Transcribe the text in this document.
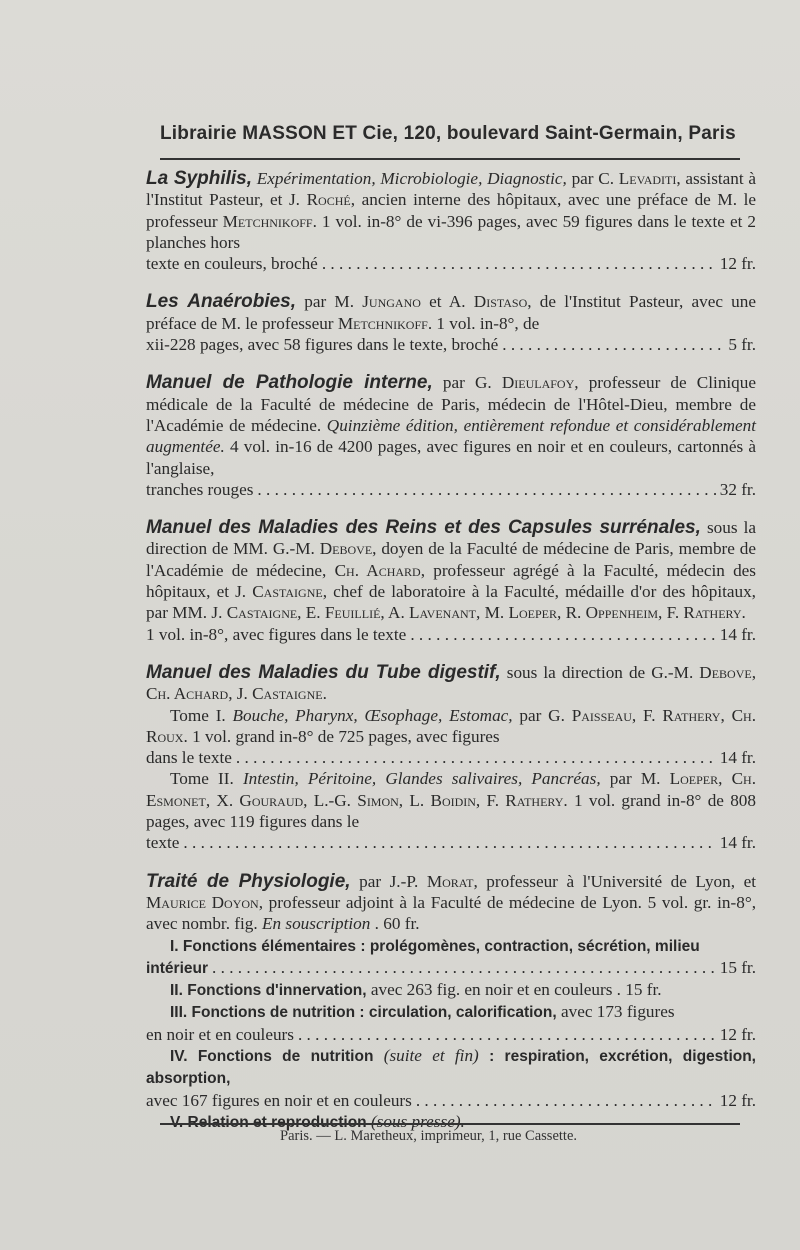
Librairie MASSON ET Cie, 120, boulevard Saint-Germain, Paris
La Syphilis, Expérimentation, Microbiologie, Diagnostic, par C. Levaditi, assistant à l'Institut Pasteur, et J. Roché, ancien interne des hôpitaux, avec une préface de M. le professeur Metchnikoff. 1 vol. in-8° de vi-396 pages, avec 59 figures dans le texte et 2 planches hors
texte en couleurs, broché . . .	12 fr.
Les Anaérobies, par M. Jungano et A. Distaso, de l'Institut Pasteur, avec une préface de M. le professeur Metchnikoff. 1 vol. in-8°, de
xii-228 pages, avec 58 figures dans le texte, broché . . .	5 fr.
Manuel de Pathologie interne, par G. Dieulafoy, professeur de Clinique médicale de la Faculté de médecine de Paris, médecin de l'Hôtel-Dieu, membre de l'Académie de médecine. Quinzième édition, entièrement refondue et considérablement augmentée. 4 vol. in-16 de 4200 pages, avec figures en noir et en couleurs, cartonnés à l'anglaise,
tranches rouges . . .	32 fr.
Manuel des Maladies des Reins et des Capsules surrénales, sous la direction de MM. G.-M. Debove, doyen de la Faculté de médecine de Paris, membre de l'Académie de médecine, Ch. Achard, professeur agrégé à la Faculté, médecin des hôpitaux, et J. Castaigne, chef de laboratoire à la Faculté, médaille d'or des hôpitaux, par MM. J. Castaigne, E. Feuillié, A. Lavenant, M. Loeper, R. Oppenheim, F. Rathery.
1 vol. in-8°, avec figures dans le texte . . .	14 fr.
Manuel des Maladies du Tube digestif, sous la direction de G.-M. Debove, Ch. Achard, J. Castaigne.
Tome I. Bouche, Pharynx, Œsophage, Estomac, par G. Paisseau, F. Rathery, Ch. Roux. 1 vol. grand in-8° de 725 pages, avec figures
dans le texte . . .	14 fr.
Tome II. Intestin, Péritoine, Glandes salivaires, Pancréas, par M. Loeper, Ch. Esmonet, X. Gouraud, L.-G. Simon, L. Boidin, F. Rathery. 1 vol. grand in-8° de 808 pages, avec 119 figures dans le
texte . . .	14 fr.
Traité de Physiologie, par J.-P. Morat, professeur à l'Université de Lyon, et Maurice Doyon, professeur adjoint à la Faculté de médecine de Lyon. 5 vol. gr. in-8°, avec nombr. fig. En souscription . 60 fr.
I. Fonctions élémentaires : prolégomènes, contraction, sécrétion, milieu
intérieur . . .	15 fr.
II. Fonctions d'innervation, avec 263 fig. en noir et en couleurs . 15 fr.
III. Fonctions de nutrition : circulation, calorification, avec 173 figures
en noir et en couleurs . . .	12 fr.
IV. Fonctions de nutrition (suite et fin) : respiration, excrétion, digestion, absorption,
avec 167 figures en noir et en couleurs . . .	12 fr.
V. Relation et reproduction (sous presse).
Paris. — L. Maretheux, imprimeur, 1, rue Cassette.
